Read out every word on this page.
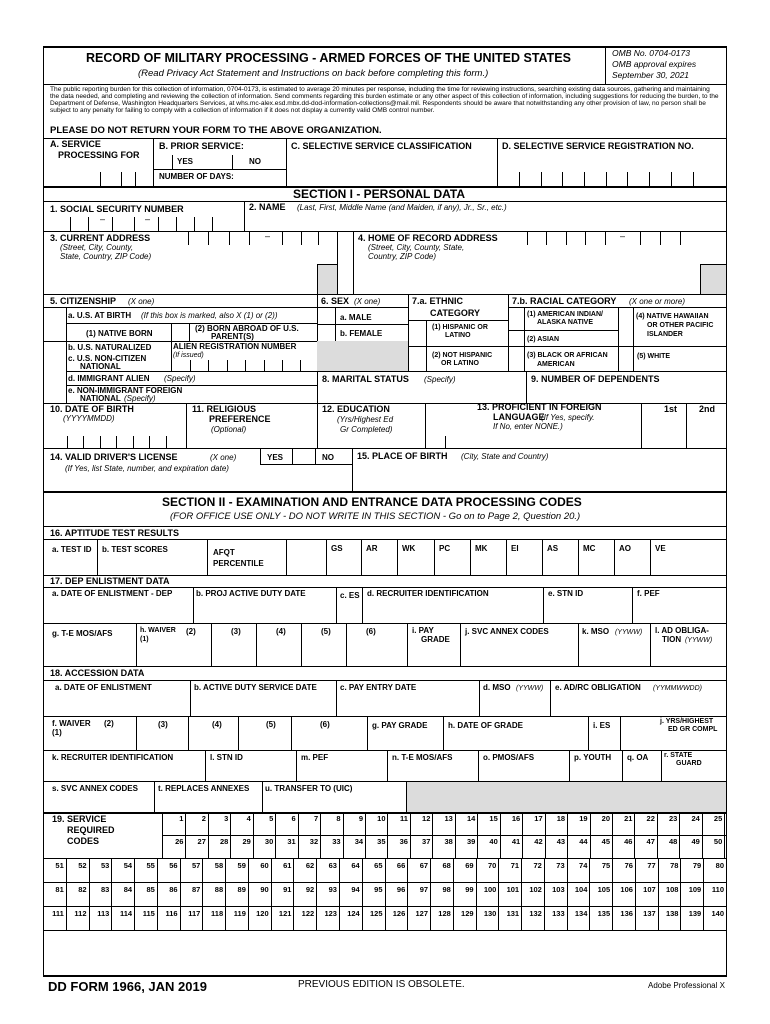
RECORD OF MILITARY PROCESSING - ARMED FORCES OF THE UNITED STATES
(Read Privacy Act Statement and Instructions on back before completing this form.)
OMB No. 0704-0173
OMB approval expires
September 30, 2021
The public reporting burden for this collection of information, 0704-0173, is estimated to average 20 minutes per response, including the time for reviewing instructions, searching existing data sources, gathering and maintaining the data needed, and completing and reviewing the collection of information. Send comments regarding this burden estimate or any other aspect of this collection of information, including suggestions for reducing the burden, to the Department of Defense, Washington Headquarters Services, at whs.mc-alex.esd.mbx.dd-dod-information-collections@mail.mil. Respondents should be aware that notwithstanding any other provision of law, no person shall be subject to any penalty for failing to comply with a collection of information if it does not display a currently valid OMB control number.
PLEASE DO NOT RETURN YOUR FORM TO THE ABOVE ORGANIZATION.
A. SERVICE
PROCESSING FOR
B. PRIOR SERVICE:
YES	NO
NUMBER OF DAYS:
C. SELECTIVE SERVICE CLASSIFICATION	D. SELECTIVE SERVICE REGISTRATION NO.
SECTION I - PERSONAL DATA
1. SOCIAL SECURITY NUMBER	2. NAME (Last, First, Middle Name (and Maiden, if any), Jr., Sr., etc.)
–	–
3. CURRENT ADDRESS
(Street, City, County,
State, Country, ZIP Code)
–	4. HOME OF RECORD ADDRESS
(Street, City, County, State,
Country, ZIP Code)
–
5. CITIZENSHIP (X one)
a. U.S. AT BIRTH (If this box is marked, also X (1) or (2))
(1) NATIVE BORN
(2) BORN ABROAD OF U.S.
PARENT(S)
b. U.S. NATURALIZED	ALIEN REGISTRATION NUMBER
(If issued)
c. U.S. NON-CITIZEN
NATIONAL
d. IMMIGRANT ALIEN (Specify)
e. NON-IMMIGRANT FOREIGN
NATIONAL (Specify)
6. SEX (X one)
a. MALE
b. FEMALE
7.a. ETHNIC
CATEGORY
(1) HISPANIC OR
LATINO
(2) NOT HISPANIC
OR LATINO
7.b. RACIAL CATEGORY (X one or more)
(1) AMERICAN INDIAN/
ALASKA NATIVE
(2) ASIAN
(3) BLACK OR AFRICAN
AMERICAN
(4) NATIVE HAWAIIAN
OR OTHER PACIFIC
ISLANDER
(5) WHITE
8. MARITAL STATUS (Specify)	9. NUMBER OF DEPENDENTS
10. DATE OF BIRTH
(YYYYMMDD)
11. RELIGIOUS
PREFERENCE
(Optional)
12. EDUCATION
(Yrs/Highest Ed
Gr Completed)
13. PROFICIENT IN FOREIGN
LANGUAGE
(If Yes, specify.
If No, enter NONE.)
1st 2nd
14. VALID DRIVER'S LICENSE	(X one)	YES	NO
(If Yes, list State, number, and expiration date)
15. PLACE OF BIRTH (City, State and Country)
SECTION II - EXAMINATION AND ENTRANCE DATA PROCESSING CODES
(FOR OFFICE USE ONLY - DO NOT WRITE IN THIS SECTION - Go on to Page 2, Question 20.)
16. APTITUDE TEST RESULTS
a. TEST ID b. TEST SCORES	AFQT
PERCENTILE
GS	AR	WK	PC	MK	EI	AS	MC	AO	VE
17. DEP ENLISTMENT DATA
a. DATE OF ENLISTMENT - DEP	b. PROJ ACTIVE DUTY DATE	c. ES d. RECRUITER IDENTIFICATION	e. STN ID	f. PEF
g. T-E MOS/AFS	h. WAIVER
(1)
(2)	(3)	(4)	(5)	(6)	i. PAY
GRADE
j. SVC ANNEX CODES	k. MSO (YYWW) l. AD OBLIGA-
TION (YYWW)
18. ACCESSION DATA
a. DATE OF ENLISTMENT	b. ACTIVE DUTY SERVICE DATE	c. PAY ENTRY DATE	d. MSO (YYWW) e. AD/RC OBLIGATION (YYMMWWDD)
f. WAIVER (2)
(1)
(3)	(4)	(5)	(6)	g. PAY GRADE	h. DATE OF GRADE	i. ES	j. YRS/HIGHEST
ED GR COMPL
k. RECRUITER IDENTIFICATION	l. STN ID	m. PEF	n. T-E MOS/AFS	o. PMOS/AFS	p. YOUTH q. OA r. STATE
GUARD
s. SVC ANNEX CODES	t. REPLACES ANNEXES u. TRANSFER TO (UIC)
19. SERVICE
REQUIRED
CODES
1	2	3	4	5	6	7	8	9	10	11	12	13	14	15	16	17	18	19	20	21	22	23	24	25
26	27	28	29	30	31	32	33	34	35	36	37	38	39	40	41	42	43	44	45	46	47	48	49	50
51	52	53	54	55	56	57	58	59	60	61	62	63	64	65	66	67	68	69	70	71	72	73	74	75	76	77	78	79	80
81	82	83	84	85	86	87	88	89	90	91	92	93	94	95	96	97	98	99	100	101	102	103	104	105	106	107	108	109	110
111	112	113	114	115	116	117	118	119	120	121	122	123	124	125	126	127	128	129	130	131	132	133	134	135	136	137	138	139	140
DD FORM 1966, JAN 2019	PREVIOUS EDITION IS OBSOLETE.	Adobe Professional X
